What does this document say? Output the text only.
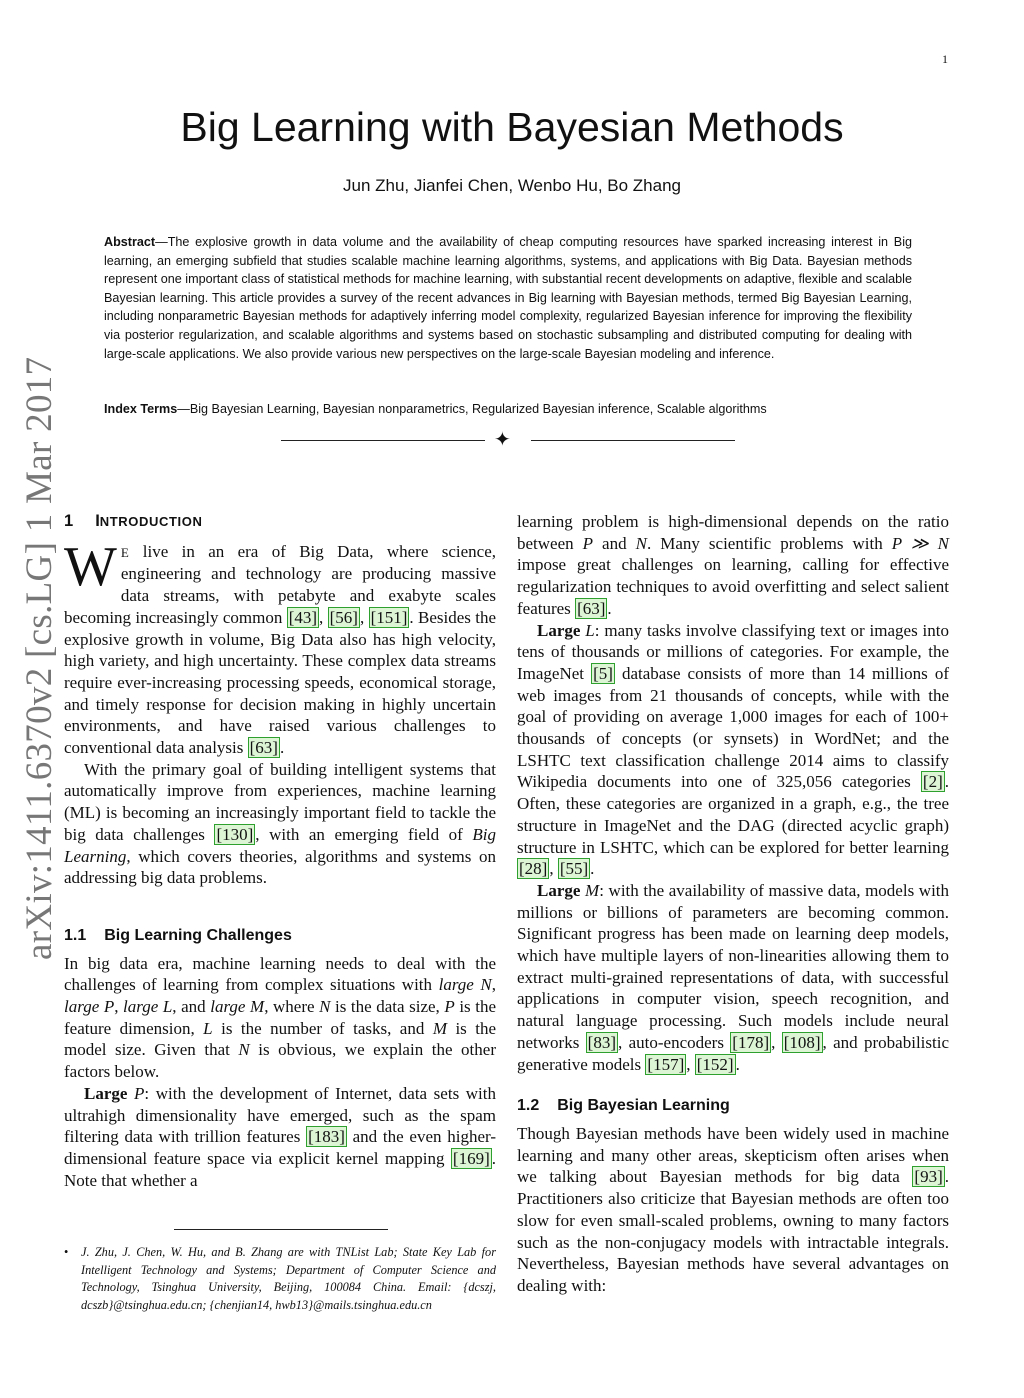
1
Big Learning with Bayesian Methods
Jun Zhu, Jianfei Chen, Wenbo Hu, Bo Zhang
Abstract—The explosive growth in data volume and the availability of cheap computing resources have sparked increasing interest in Big learning, an emerging subfield that studies scalable machine learning algorithms, systems, and applications with Big Data. Bayesian methods represent one important class of statistical methods for machine learning, with substantial recent developments on adaptive, flexible and scalable Bayesian learning. This article provides a survey of the recent advances in Big learning with Bayesian methods, termed Big Bayesian Learning, including nonparametric Bayesian methods for adaptively inferring model complexity, regularized Bayesian inference for improving the flexibility via posterior regularization, and scalable algorithms and systems based on stochastic subsampling and distributed computing for dealing with large-scale applications. We also provide various new perspectives on the large-scale Bayesian modeling and inference.
Index Terms—Big Bayesian Learning, Bayesian nonparametrics, Regularized Bayesian inference, Scalable algorithms
✦
arXiv:1411.6370v2 [cs.LG] 1 Mar 2017 1 INTRODUCTION

W E live in an era of Big Data, where science, engineering and technology are producing massive data streams, with petabyte and exabyte scales becoming increasingly common [43] , [56] , [151] . Besides the explosive growth in volume, Big Data also has high velocity, high variety, and high uncertainty. These complex data streams require ever-increasing processing speeds, economical storage, and timely response for decision making in highly uncertain environments, and have raised various challenges to conventional data analysis [63] .

With the primary goal of building intelligent systems that automatically improve from experiences, machine learning (ML) is becoming an increasingly important field to tackle the big data challenges [130] , with an emerging field of Big Learning, which covers theories, algorithms and systems on addressing big data problems.

1.1 Big Learning Challenges

In big data era, machine learning needs to deal with the challenges of learning from complex situations with large N, large P, large L, and large M, where N is the data size, P is the feature dimension, L is the number of tasks, and M is the model size. Given that N is obvious, we explain the other factors below.

Large P: with the development of Internet, data sets with ultrahigh dimensionality have emerged, such as the spam filtering data with trillion features [183] and the even higher-dimensional feature space via explicit kernel mapping [169] . Note that whether a

• J. Zhu, J. Chen, W. Hu, and B. Zhang are with TNList Lab; State Key Lab for Intelligent Technology and Systems; Department of Computer Science and Technology, Tsinghua University, Beijing, 100084 China. Email: {dcszj, dcszb}@tsinghua.edu.cn; {chenjian14, hwb13}@mails.tsinghua.edu.cn

learning problem is high-dimensional depends on the ratio between P and N. Many scientific problems with P ≫ N impose great challenges on learning, calling for effective regularization techniques to avoid overfitting and select salient features [63] .

Large L: many tasks involve classifying text or images into tens of thousands or millions of categories. For example, the ImageNet [5] database consists of more than 14 millions of web images from 21 thousands of concepts, while with the goal of providing on average 1,000 images for each of 100+ thousands of concepts (or synsets) in WordNet; and the LSHTC text classification challenge 2014 aims to classify Wikipedia documents into one of 325,056 categories [2] . Often, these categories are organized in a graph, e.g., the tree structure in ImageNet and the DAG (directed acyclic graph) structure in LSHTC, which can be explored for better learning [28] , [55] .

Large M: with the availability of massive data, models with millions or billions of parameters are becoming common. Significant progress has been made on learning deep models, which have multiple layers of non-linearities allowing them to extract multi-grained representations of data, with successful applications in computer vision, speech recognition, and natural language processing. Such models include neural networks [83] , auto-encoders [178] , [108] , and probabilistic generative models [157] , [152] .

1.2 Big Bayesian Learning

Though Bayesian methods have been widely used in machine learning and many other areas, skepticism often arises when we talking about Bayesian methods for big data [93] . Practitioners also criticize that Bayesian methods are often too slow for even small-scaled problems, owning to many factors such as the non-conjugacy models with intractable integrals. Nevertheless, Bayesian methods have several advantages on dealing with:
